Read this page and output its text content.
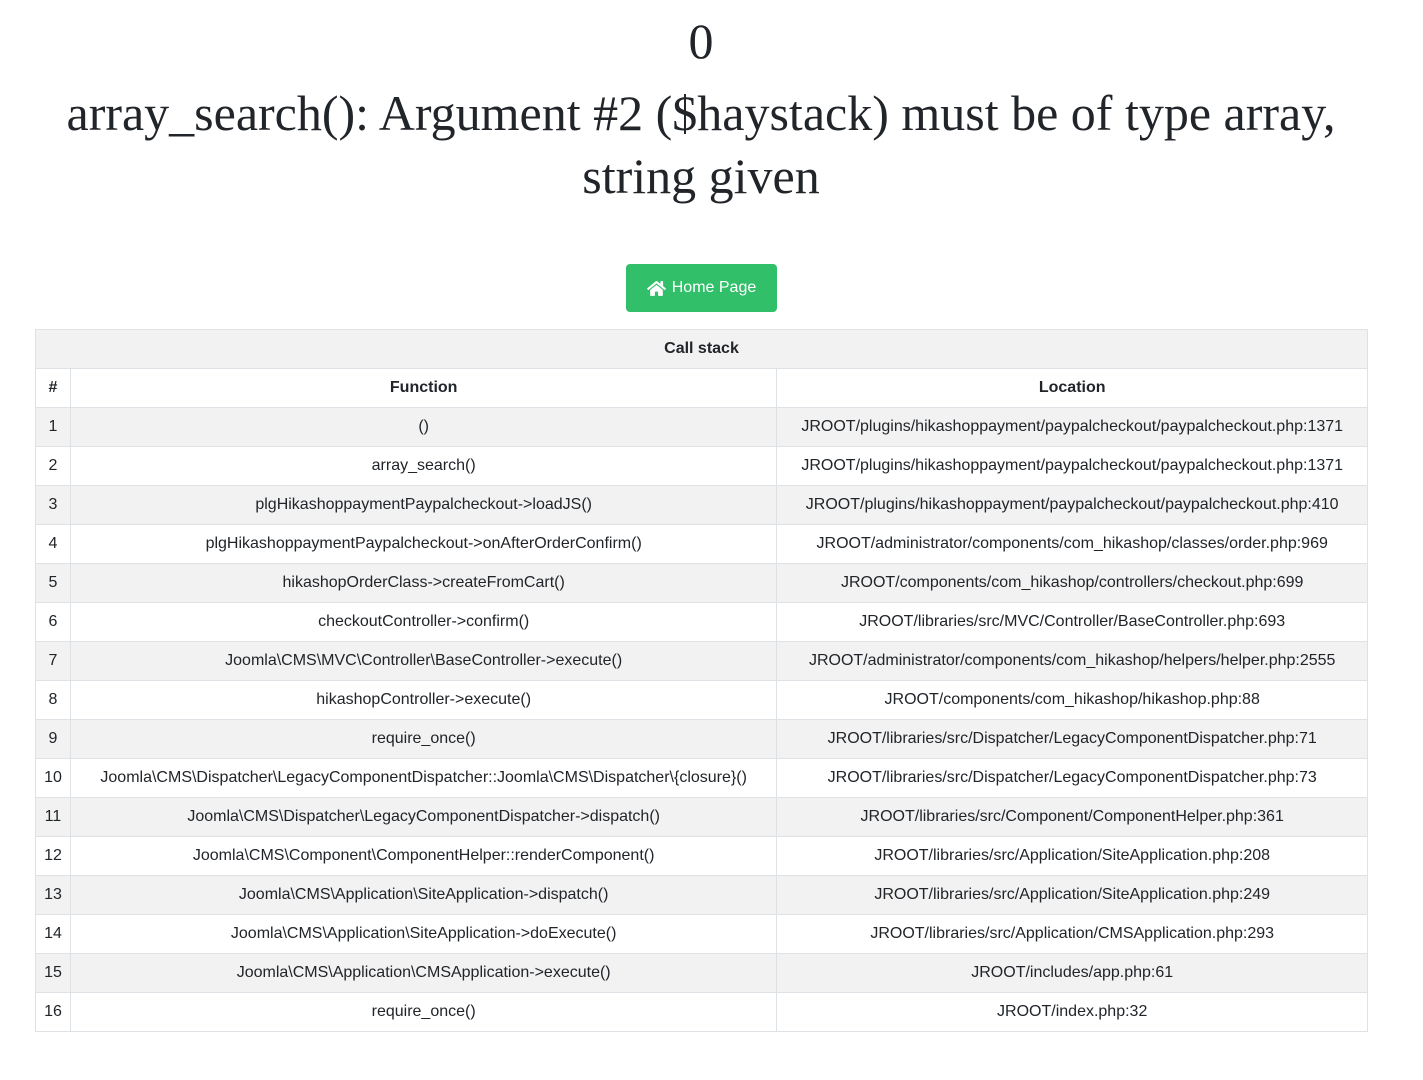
0
array_search(): Argument #2 ($haystack) must be of type array, string given
Home Page
Call stack		
#	Function	Location
1	()	JROOT/plugins/hikashoppayment/paypalcheckout/paypalcheckout.php:1371
2	array_search()	JROOT/plugins/hikashoppayment/paypalcheckout/paypalcheckout.php:1371
3	plgHikashoppaymentPaypalcheckout->loadJS()	JROOT/plugins/hikashoppayment/paypalcheckout/paypalcheckout.php:410
4	plgHikashoppaymentPaypalcheckout->onAfterOrderConfirm()	JROOT/administrator/components/com_hikashop/classes/order.php:969
5	hikashopOrderClass->createFromCart()	JROOT/components/com_hikashop/controllers/checkout.php:699
6	checkoutController->confirm()	JROOT/libraries/src/MVC/Controller/BaseController.php:693
7	Joomla\CMS\MVC\Controller\BaseController->execute()	JROOT/administrator/components/com_hikashop/helpers/helper.php:2555
8	hikashopController->execute()	JROOT/components/com_hikashop/hikashop.php:88
9	require_once()	JROOT/libraries/src/Dispatcher/LegacyComponentDispatcher.php:71
10	Joomla\CMS\Dispatcher\LegacyComponentDispatcher::Joomla\CMS\Dispatcher\{closure}()	JROOT/libraries/src/Dispatcher/LegacyComponentDispatcher.php:73
11	Joomla\CMS\Dispatcher\LegacyComponentDispatcher->dispatch()	JROOT/libraries/src/Component/ComponentHelper.php:361
12	Joomla\CMS\Component\ComponentHelper::renderComponent()	JROOT/libraries/src/Application/SiteApplication.php:208
13	Joomla\CMS\Application\SiteApplication->dispatch()	JROOT/libraries/src/Application/SiteApplication.php:249
14	Joomla\CMS\Application\SiteApplication->doExecute()	JROOT/libraries/src/Application/CMSApplication.php:293
15	Joomla\CMS\Application\CMSApplication->execute()	JROOT/includes/app.php:61
16	require_once()	JROOT/index.php:32
